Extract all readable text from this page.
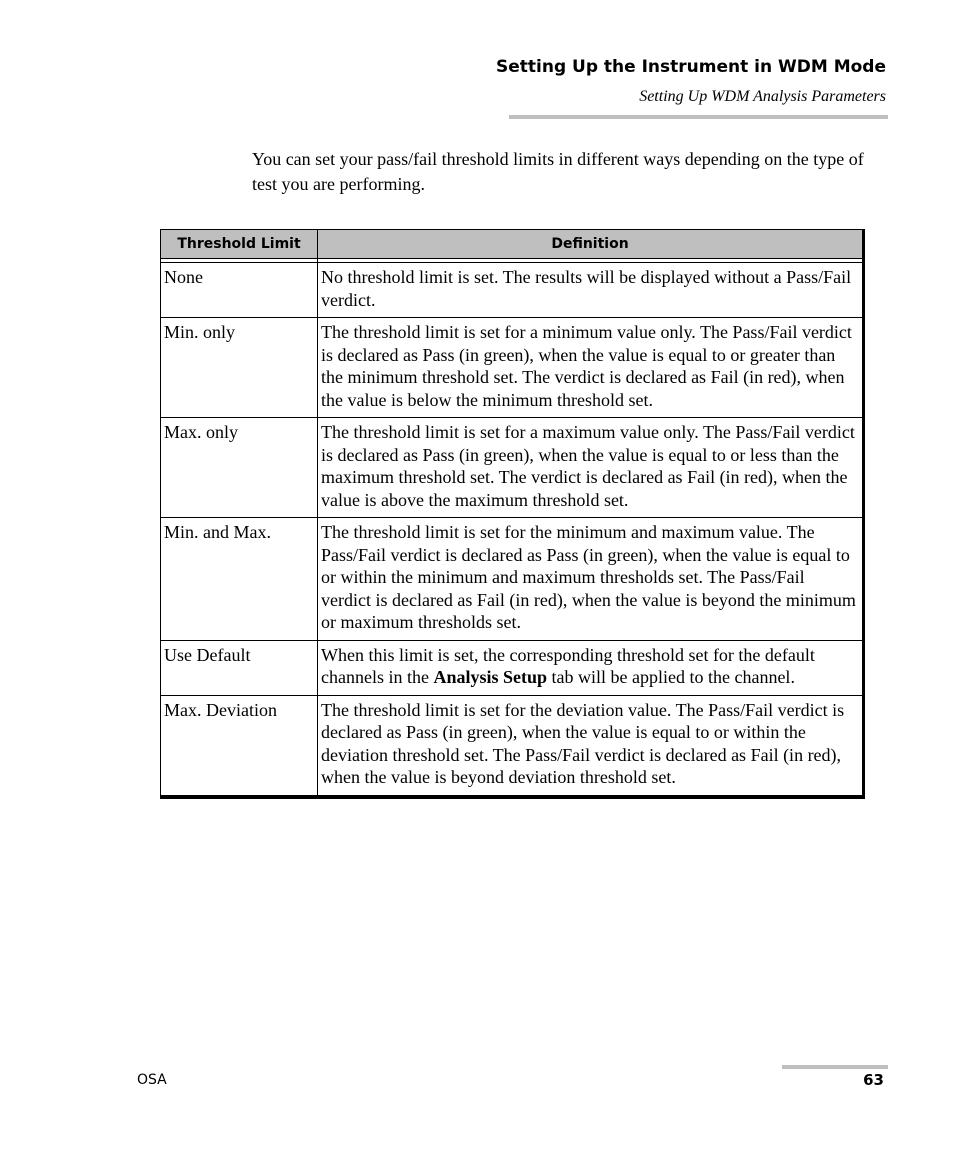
Setting Up the Instrument in WDM Mode
Setting Up WDM Analysis Parameters

You can set your pass/fail threshold limits in different ways depending on the type of test you are performing.

Threshold Limit	Definition

None	No threshold limit is set. The results will be displayed without a Pass/Fail verdict.
Min. only	The threshold limit is set for a minimum value only. The Pass/Fail verdict is declared as Pass (in green), when the value is equal to or greater than the minimum threshold set. The verdict is declared as Fail (in red), when the value is below the minimum threshold set.
Max. only	The threshold limit is set for a maximum value only. The Pass/Fail verdict is declared as Pass (in green), when the value is equal to or less than the maximum threshold set. The verdict is declared as Fail (in red), when the value is above the maximum threshold set.
Min. and Max.	The threshold limit is set for the minimum and maximum value. The Pass/Fail verdict is declared as Pass (in green), when the value is equal to or within the minimum and maximum thresholds set. The Pass/Fail verdict is declared as Fail (in red), when the value is beyond the minimum or maximum thresholds set.
Use Default	When this limit is set, the corresponding threshold set for the default channels in the Analysis Setup tab will be applied to the channel.
Max. Deviation	The threshold limit is set for the deviation value. The Pass/Fail verdict is declared as Pass (in green), when the value is equal to or within the deviation threshold set. The Pass/Fail verdict is declared as Fail (in red), when the value is beyond deviation threshold set.
OSA	63
